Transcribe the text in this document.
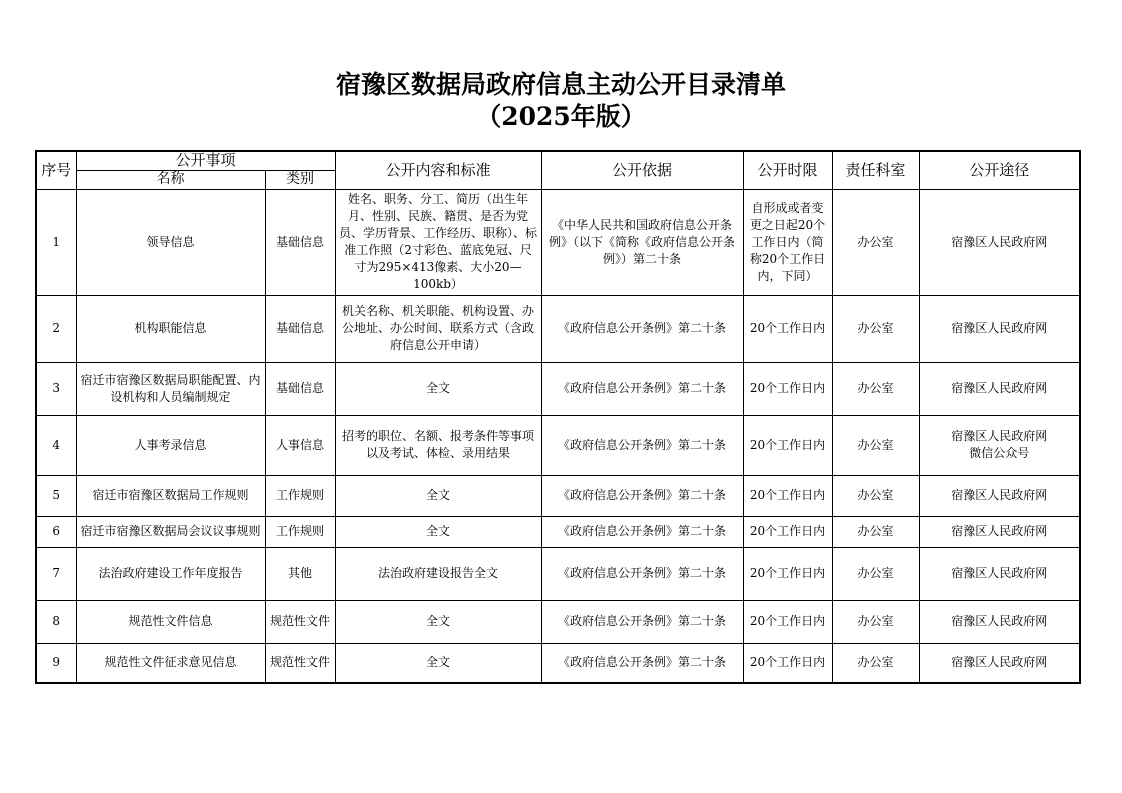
宿豫区数据局政府信息主动公开目录清单
（2025年版）
序号	公开事项		公开内容和标准	公开依据	公开时限	责任科室	公开途径
	名称	类别					
1	领导信息	基础信息	姓名、职务、分工、简历（出生年月、性别、民族、籍贯、是否为党员、学历背景、工作经历、职称）、标准工作照（2寸彩色、蓝底免冠、尺寸为295×413像素、大小20—100kb）	《中华人民共和国政府信息公开条例》（以下《简称《政府信息公开条例》）第二十条	自形成或者变更之日起20个工作日内（简称20个工作日内，下同）	办公室	宿豫区人民政府网
2	机构职能信息	基础信息	机关名称、机关职能、机构设置、办公地址、办公时间、联系方式（含政府信息公开申请）	《政府信息公开条例》第二十条	20个工作日内	办公室	宿豫区人民政府网
3	宿迁市宿豫区数据局职能配置、内设机构和人员编制规定	基础信息	全文	《政府信息公开条例》第二十条	20个工作日内	办公室	宿豫区人民政府网
4	人事考录信息	人事信息	招考的职位、名额、报考条件等事项以及考试、体检、录用结果	《政府信息公开条例》第二十条	20个工作日内	办公室	宿豫区人民政府网
微信公众号

5	宿迁市宿豫区数据局工作规则	工作规则	全文	《政府信息公开条例》第二十条	20个工作日内	办公室	宿豫区人民政府网
6	宿迁市宿豫区数据局会议议事规则	工作规则	全文	《政府信息公开条例》第二十条	20个工作日内	办公室	宿豫区人民政府网
7	法治政府建设工作年度报告	其他	法治政府建设报告全文	《政府信息公开条例》第二十条	20个工作日内	办公室	宿豫区人民政府网
8	规范性文件信息	规范性文件	全文	《政府信息公开条例》第二十条	20个工作日内	办公室	宿豫区人民政府网
9	规范性文件征求意见信息	规范性文件	全文	《政府信息公开条例》第二十条	20个工作日内	办公室	宿豫区人民政府网
